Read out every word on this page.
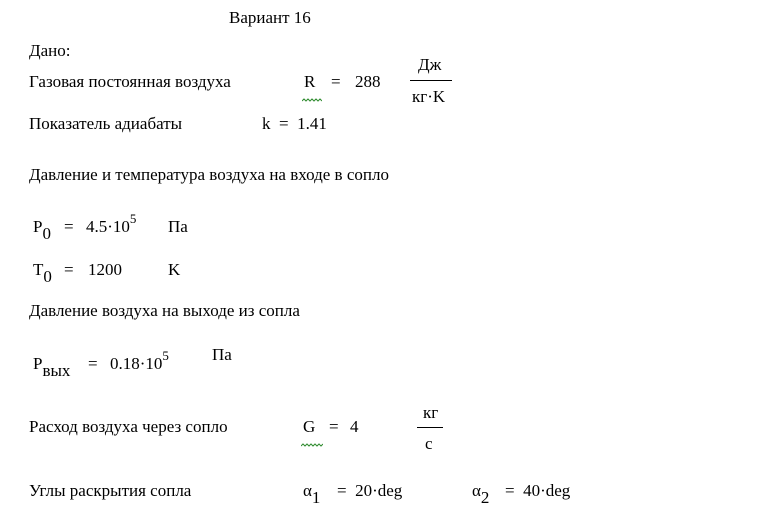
Вариант 16
Дано:
Газовая постоянная воздуха	R = 288
Дж
кг·K
Показатель адиабаты	k  =  1.41
Давление и температура воздуха на входе в сопло
$P0 = 4.5\cdot 10^5$ Па
T0 = 1200	K
Давление воздуха на выходе из сопла
Pвых = $0.18\cdot 10^5$	Па
Расход воздуха через сопло	G = 4
кг
с
Углы раскрытия сопла	α1 =  20·deg	α2 =  40·deg
